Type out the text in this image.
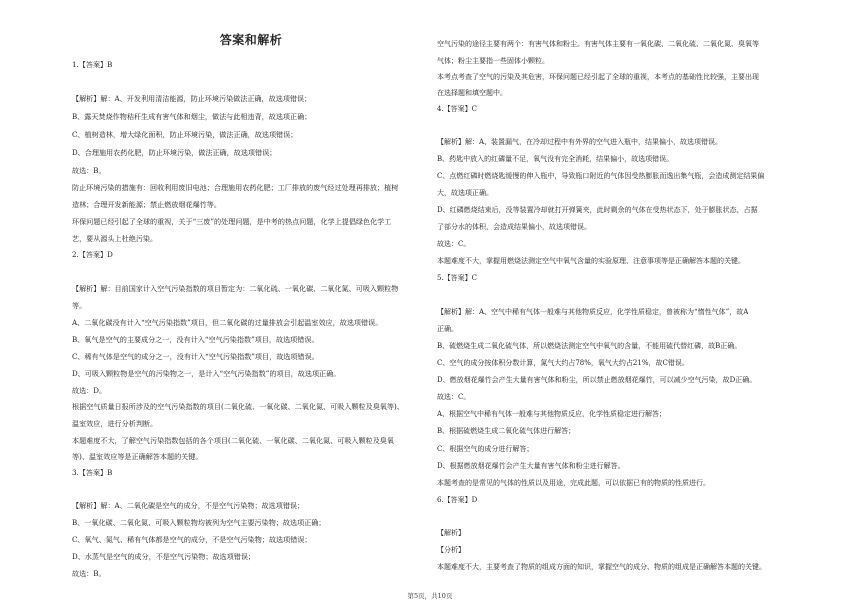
答案和解析
1.【答案】B
【解析】解：A、开发利用清洁能源，防止环境污染做法正确，故选项错误；
B、露天焚烧作物秸秆生成有害气体和烟尘，做法与此相违背，故选项正确；
C、植树造林，增大绿化面积，防止环境污染，做法正确，故选项错误；
D、合理施用农药化肥，防止环境污染，做法正确，故选项错误；
故选：B。
防止环境污染的措施有：回收利用废旧电池；合理施用农药化肥；工厂排放的废气经过处理再排放；植树
造林；合理开发新能源；禁止燃放烟花爆竹等。
环保问题已经引起了全球的重视，关于“三废”的处理问题，是中考的热点问题，化学上提倡绿色化学工
艺，要从源头上杜绝污染。
2.【答案】D
【解析】解：目前国家计入空气污染指数的项目暂定为：二氧化硫、一氧化碳、二氧化氮、可吸入颗粒物
等。
A、二氧化碳没有计入“空气污染指数”项目，但二氧化碳的过量排放会引起温室效应，故选项错误。
B、氧气是空气的主要成分之一，没有计入“空气污染指数”项目，故选项错误。
C、稀有气体是空气的成分之一，没有计入“空气污染指数”项目，故选项错误。
D、可吸入颗粒物是空气的污染物之一，是计入“空气污染指数”的项目，故选项正确。
故选：D。
根据空气质量日报所涉及的空气污染指数的项目(二氧化硫、一氧化碳、二氧化氮、可吸入颗粒及臭氧等)、
温室效应，进行分析判断。
本题难度不大，了解空气污染指数包括的各个项目(二氧化硫、一氧化碳、二氧化氮、可吸入颗粒及臭氧
等)、温室效应等是正确解答本题的关键。
3.【答案】B
【解析】解：A、二氧化碳是空气的成分，不是空气污染物；故选项错误；
B、一氧化碳、二氧化氮、可吸入颗粒物均被列为空气主要污染物；故选项正确；
C、氧气、氮气、稀有气体都是空气的成分，不是空气污染物；故选项错误；
D、水蒸气是空气的成分，不是空气污染物；故选项错误；
故选：B。
空气污染的途径主要有两个：有害气体和粉尘。有害气体主要有一氧化碳、二氧化硫、二氧化氮、臭氧等
气体；粉尘主要指一些固体小颗粒。
本考点考查了空气的污染及其危害，环保问题已经引起了全球的重视，本考点的基础性比较强，主要出现
在选择题和填空题中。
4.【答案】C
【解析】解：A、装置漏气，在冷却过程中有外界的空气进入瓶中，结果偏小，故选项错误。
B、药匙中放入的红磷量不足，氧气没有完全消耗，结果偏小，故选项错误。
C、点燃红磷时燃烧匙缓慢的伸入瓶中，导致瓶口附近的气体因受热膨胀而逸出集气瓶，会造成测定结果偏
大，故选项正确。
D、红磷燃烧结束后，没等装置冷却就打开弹簧夹，此时剩余的气体在受热状态下，处于膨胀状态，占据
了部分水的体积，会造成结果偏小，故选项错误。
故选：C。
本题难度不大，掌握用燃烧法测定空气中氧气含量的实验原理、注意事项等是正确解答本题的关键。
5.【答案】C
【解析】解：A、空气中稀有气体一般难与其他物质反应，化学性质稳定，曾被称为“惰性气体”，故A
正确。
B、硫燃烧生成二氧化硫气体，所以燃烧法测定空气中氧气的含量，不能用硫代替红磷，故B正确。
C、空气的成分按体积分数计算，氮气大约占78%，氧气大约占21%，故C错误。
D、燃放烟花爆竹会产生大量有害气体和粉尘，所以禁止燃放烟花爆竹，可以减少空气污染，故D正确。
故选：C。
A、根据空气中稀有气体一般难与其他物质反应，化学性质稳定进行解答；
B、根据硫燃烧生成二氧化硫气体进行解答；
C、根据空气的成分进行解答；
D、根据燃放烟花爆竹会产生大量有害气体和粉尘进行解答。
本题考查的是常见的气体的性质以及用途，完成此题，可以依据已有的物质的性质进行。
6.【答案】D
【解析】
【分析】
本题难度不大，主要考查了物质的组成方面的知识，掌握空气的成分、物质的组成是正确解答本题的关键。
第5页，共10页
